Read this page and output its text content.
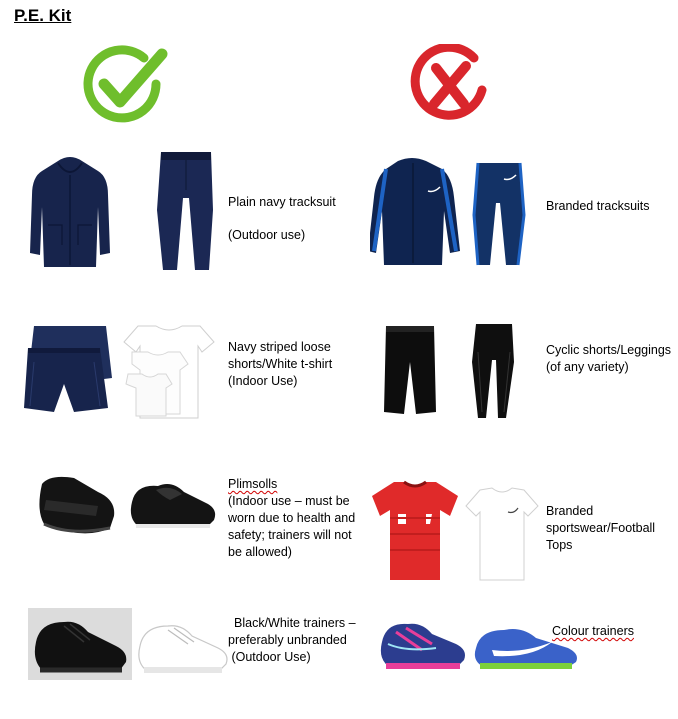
P.E. Kit

Plain navy tracksuit

(Outdoor use)

Branded tracksuits

Navy striped loose

shorts/White t-shirt

(Indoor Use)

Cyclic shorts/Leggings

(of any variety)

Plimsolls

(Indoor use – must be

worn due to health and

safety; trainers will not

be allowed)

Branded

sportswear/Football

Tops

Black/White trainers –

preferably unbranded

(Outdoor Use)

Colour trainers
